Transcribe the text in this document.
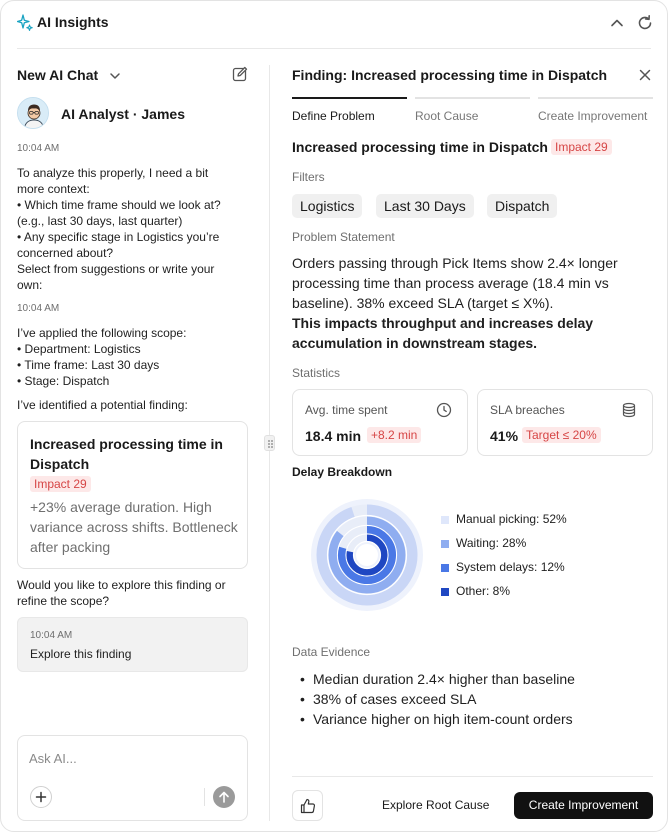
AI Insights
New AI Chat
AI Analyst · James
10:04 AM
To analyze this properly, I need a bit
more context:
• Which time frame should we look at?
(e.g., last 30 days, last quarter)
• Any specific stage in Logistics you’re
concerned about?
Select from suggestions or write your
own:
10:04 AM
I’ve applied the following scope:
• Department: Logistics
• Time frame: Last 30 days
• Stage: Dispatch
I’ve identified a potential finding:
Increased processing time in Dispatch
Impact 29
+23% average duration. High variance across shifts. Bottleneck after packing
Would you like to explore this finding or
refine the scope?
10:04 AM
Explore this finding
Ask AI...
Finding: Increased processing time in Dispatch
Define Problem	Root Cause	Create Improvement
Increased processing time in Dispatch Impact 29
Filters
Logistics	Last 30 Days	Dispatch
Problem Statement
Orders passing through Pick Items show 2.4× longer
processing time than process average (18.4 min vs
baseline). 38% exceed SLA (target ≤ X%).
This impacts throughput and increases delay
accumulation in downstream stages.
Statistics
Avg. time spent
18.4 min +8.2 min
SLA breaches
41% Target ≤ 20%
Delay Breakdown
Manual picking: 52%
Waiting: 28%
System delays: 12%
Other: 8%
Data Evidence
• Median duration 2.4× higher than baseline
• 38% of cases exceed SLA
• Variance higher on high item-count orders
Explore Root Cause	Create Improvement
